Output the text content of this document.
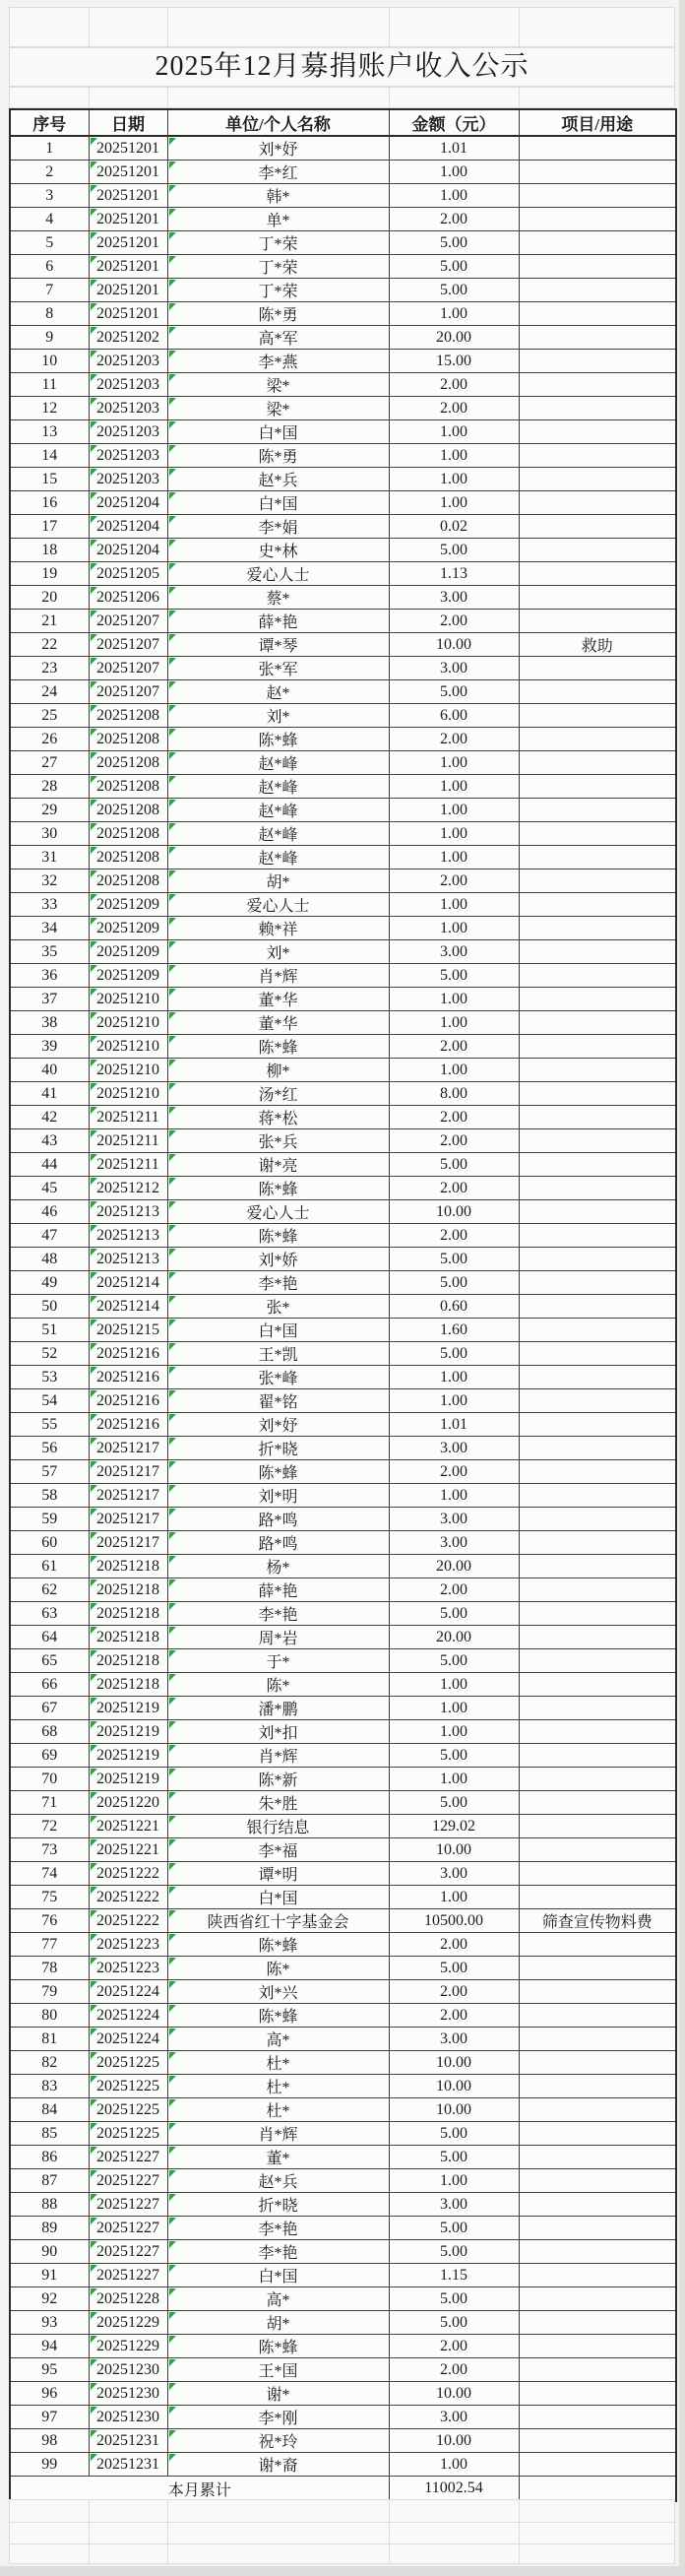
2025年12月募捐账户收入公示
序号	日期	单位/个人名称	金额（元）	项目/用途
1	20251201	刘*妤	1.01	
2	20251201	李*红	1.00	
3	20251201	韩*	1.00	
4	20251201	单*	2.00	
5	20251201	丁*荣	5.00	
6	20251201	丁*荣	5.00	
7	20251201	丁*荣	5.00	
8	20251201	陈*勇	1.00	
9	20251202	高*军	20.00	
10	20251203	李*燕	15.00	
11	20251203	梁*	2.00	
12	20251203	梁*	2.00	
13	20251203	白*国	1.00	
14	20251203	陈*勇	1.00	
15	20251203	赵*兵	1.00	
16	20251204	白*国	1.00	
17	20251204	李*娟	0.02	
18	20251204	史*林	5.00	
19	20251205	爱心人士	1.13	
20	20251206	蔡*	3.00	
21	20251207	薛*艳	2.00	
22	20251207	谭*琴	10.00	救助
23	20251207	张*军	3.00	
24	20251207	赵*	5.00	
25	20251208	刘*	6.00	
26	20251208	陈*蜂	2.00	
27	20251208	赵*峰	1.00	
28	20251208	赵*峰	1.00	
29	20251208	赵*峰	1.00	
30	20251208	赵*峰	1.00	
31	20251208	赵*峰	1.00	
32	20251208	胡*	2.00	
33	20251209	爱心人士	1.00	
34	20251209	赖*祥	1.00	
35	20251209	刘*	3.00	
36	20251209	肖*辉	5.00	
37	20251210	董*华	1.00	
38	20251210	董*华	1.00	
39	20251210	陈*蜂	2.00	
40	20251210	柳*	1.00	
41	20251210	汤*红	8.00	
42	20251211	蒋*松	2.00	
43	20251211	张*兵	2.00	
44	20251211	谢*亮	5.00	
45	20251212	陈*蜂	2.00	
46	20251213	爱心人士	10.00	
47	20251213	陈*蜂	2.00	
48	20251213	刘*娇	5.00	
49	20251214	李*艳	5.00	
50	20251214	张*	0.60	
51	20251215	白*国	1.60	
52	20251216	王*凯	5.00	
53	20251216	张*峰	1.00	
54	20251216	翟*铭	1.00	
55	20251216	刘*妤	1.01	
56	20251217	折*晓	3.00	
57	20251217	陈*蜂	2.00	
58	20251217	刘*明	1.00	
59	20251217	路*鸣	3.00	
60	20251217	路*鸣	3.00	
61	20251218	杨*	20.00	
62	20251218	薛*艳	2.00	
63	20251218	李*艳	5.00	
64	20251218	周*岩	20.00	
65	20251218	于*	5.00	
66	20251218	陈*	1.00	
67	20251219	潘*鹏	1.00	
68	20251219	刘*扣	1.00	
69	20251219	肖*辉	5.00	
70	20251219	陈*新	1.00	
71	20251220	朱*胜	5.00	
72	20251221	银行结息	129.02	
73	20251221	李*福	10.00	
74	20251222	谭*明	3.00	
75	20251222	白*国	1.00	
76	20251222	陕西省红十字基金会	10500.00	筛查宣传物料费
77	20251223	陈*蜂	2.00	
78	20251223	陈*	5.00	
79	20251224	刘*兴	2.00	
80	20251224	陈*蜂	2.00	
81	20251224	高*	3.00	
82	20251225	杜*	10.00	
83	20251225	杜*	10.00	
84	20251225	杜*	10.00	
85	20251225	肖*辉	5.00	
86	20251227	董*	5.00	
87	20251227	赵*兵	1.00	
88	20251227	折*晓	3.00	
89	20251227	李*艳	5.00	
90	20251227	李*艳	5.00	
91	20251227	白*国	1.15	
92	20251228	高*	5.00	
93	20251229	胡*	5.00	
94	20251229	陈*蜂	2.00	
95	20251230	王*国	2.00	
96	20251230	谢*	10.00	
97	20251230	李*刚	3.00	
98	20251231	祝*玲	10.00	
99	20251231	谢*裔	1.00	
本月累计			11002.54	
